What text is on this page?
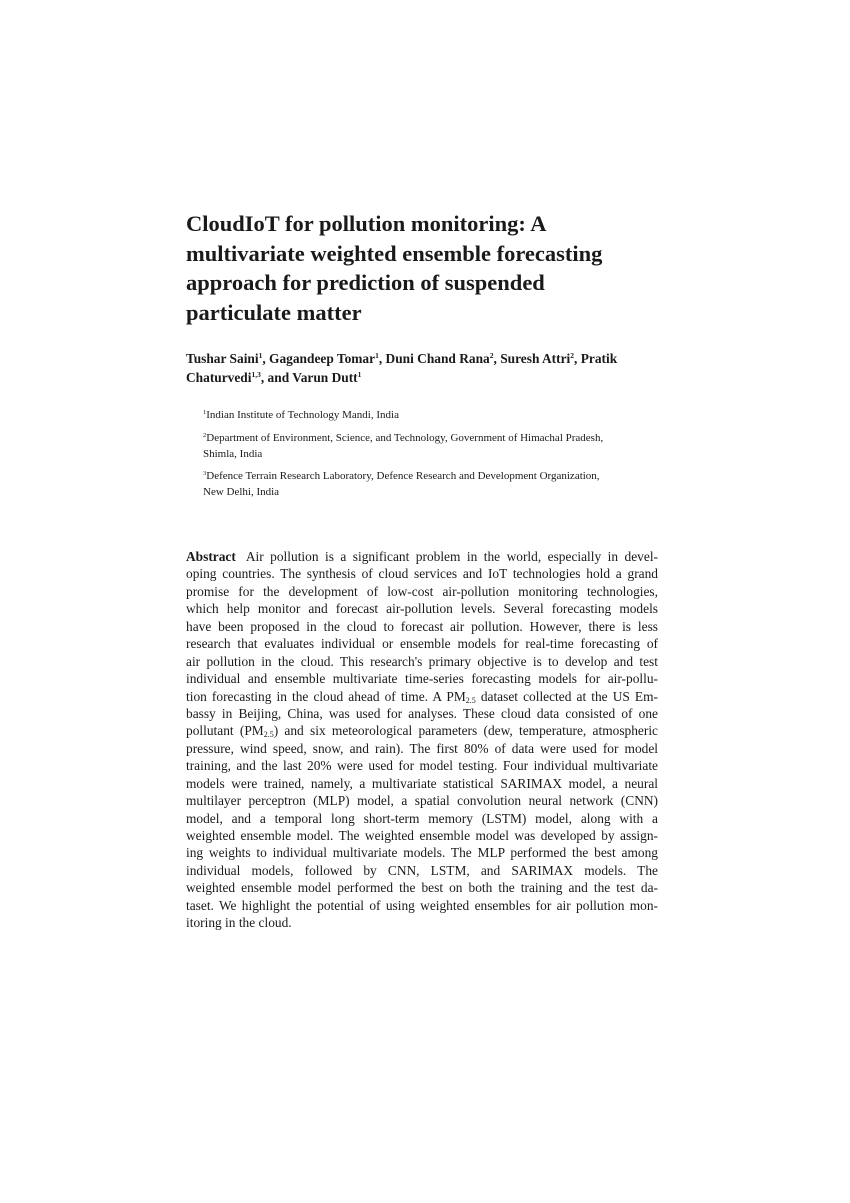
CloudIoT for pollution monitoring: A
multivariate weighted ensemble forecasting
approach for prediction of suspended
particulate matter
Tushar Saini$^1$, Gagandeep Tomar$^1$, Duni Chand Rana$^2$, Suresh Attri$^2$, Pratik
Chaturvedi$^{1,3}$, and Varun Dutt$^1$
$^1$Indian Institute of Technology Mandi, India
$^2$Department of Environment, Science, and Technology, Government of Himachal Pradesh,
Shimla, India
$^3$Defence Terrain Research Laboratory, Defence Research and Development Organization,
New Delhi, India
Abstract Air pollution is a significant problem in the world, especially in devel-
oping countries. The synthesis of cloud services and IoT technologies hold a grand
promise for the development of low-cost air-pollution monitoring technologies,
which help monitor and forecast air-pollution levels. Several forecasting models
have been proposed in the cloud to forecast air pollution. However, there is less
research that evaluates individual or ensemble models for real-time forecasting of
air pollution in the cloud. This research's primary objective is to develop and test
individual and ensemble multivariate time-series forecasting models for air-pollu-
tion forecasting in the cloud ahead of time. A $PM_{2.5}$ dataset collected at the US Em-
bassy in Beijing, China, was used for analyses. These cloud data consisted of one
pollutant $(PM_{2.5})$ and six meteorological parameters (dew, temperature, atmospheric
pressure, wind speed, snow, and rain). The first 80% of data were used for model
training, and the last 20% were used for model testing. Four individual multivariate
models were trained, namely, a multivariate statistical SARIMAX model, a neural
multilayer perceptron (MLP) model, a spatial convolution neural network (CNN)
model, and a temporal long short-term memory (LSTM) model, along with a
weighted ensemble model. The weighted ensemble model was developed by assign-
ing weights to individual multivariate models. The MLP performed the best among
individual models, followed by CNN, LSTM, and SARIMAX models. The
weighted ensemble model performed the best on both the training and the test da-
taset. We highlight the potential of using weighted ensembles for air pollution mon-
itoring in the cloud.
